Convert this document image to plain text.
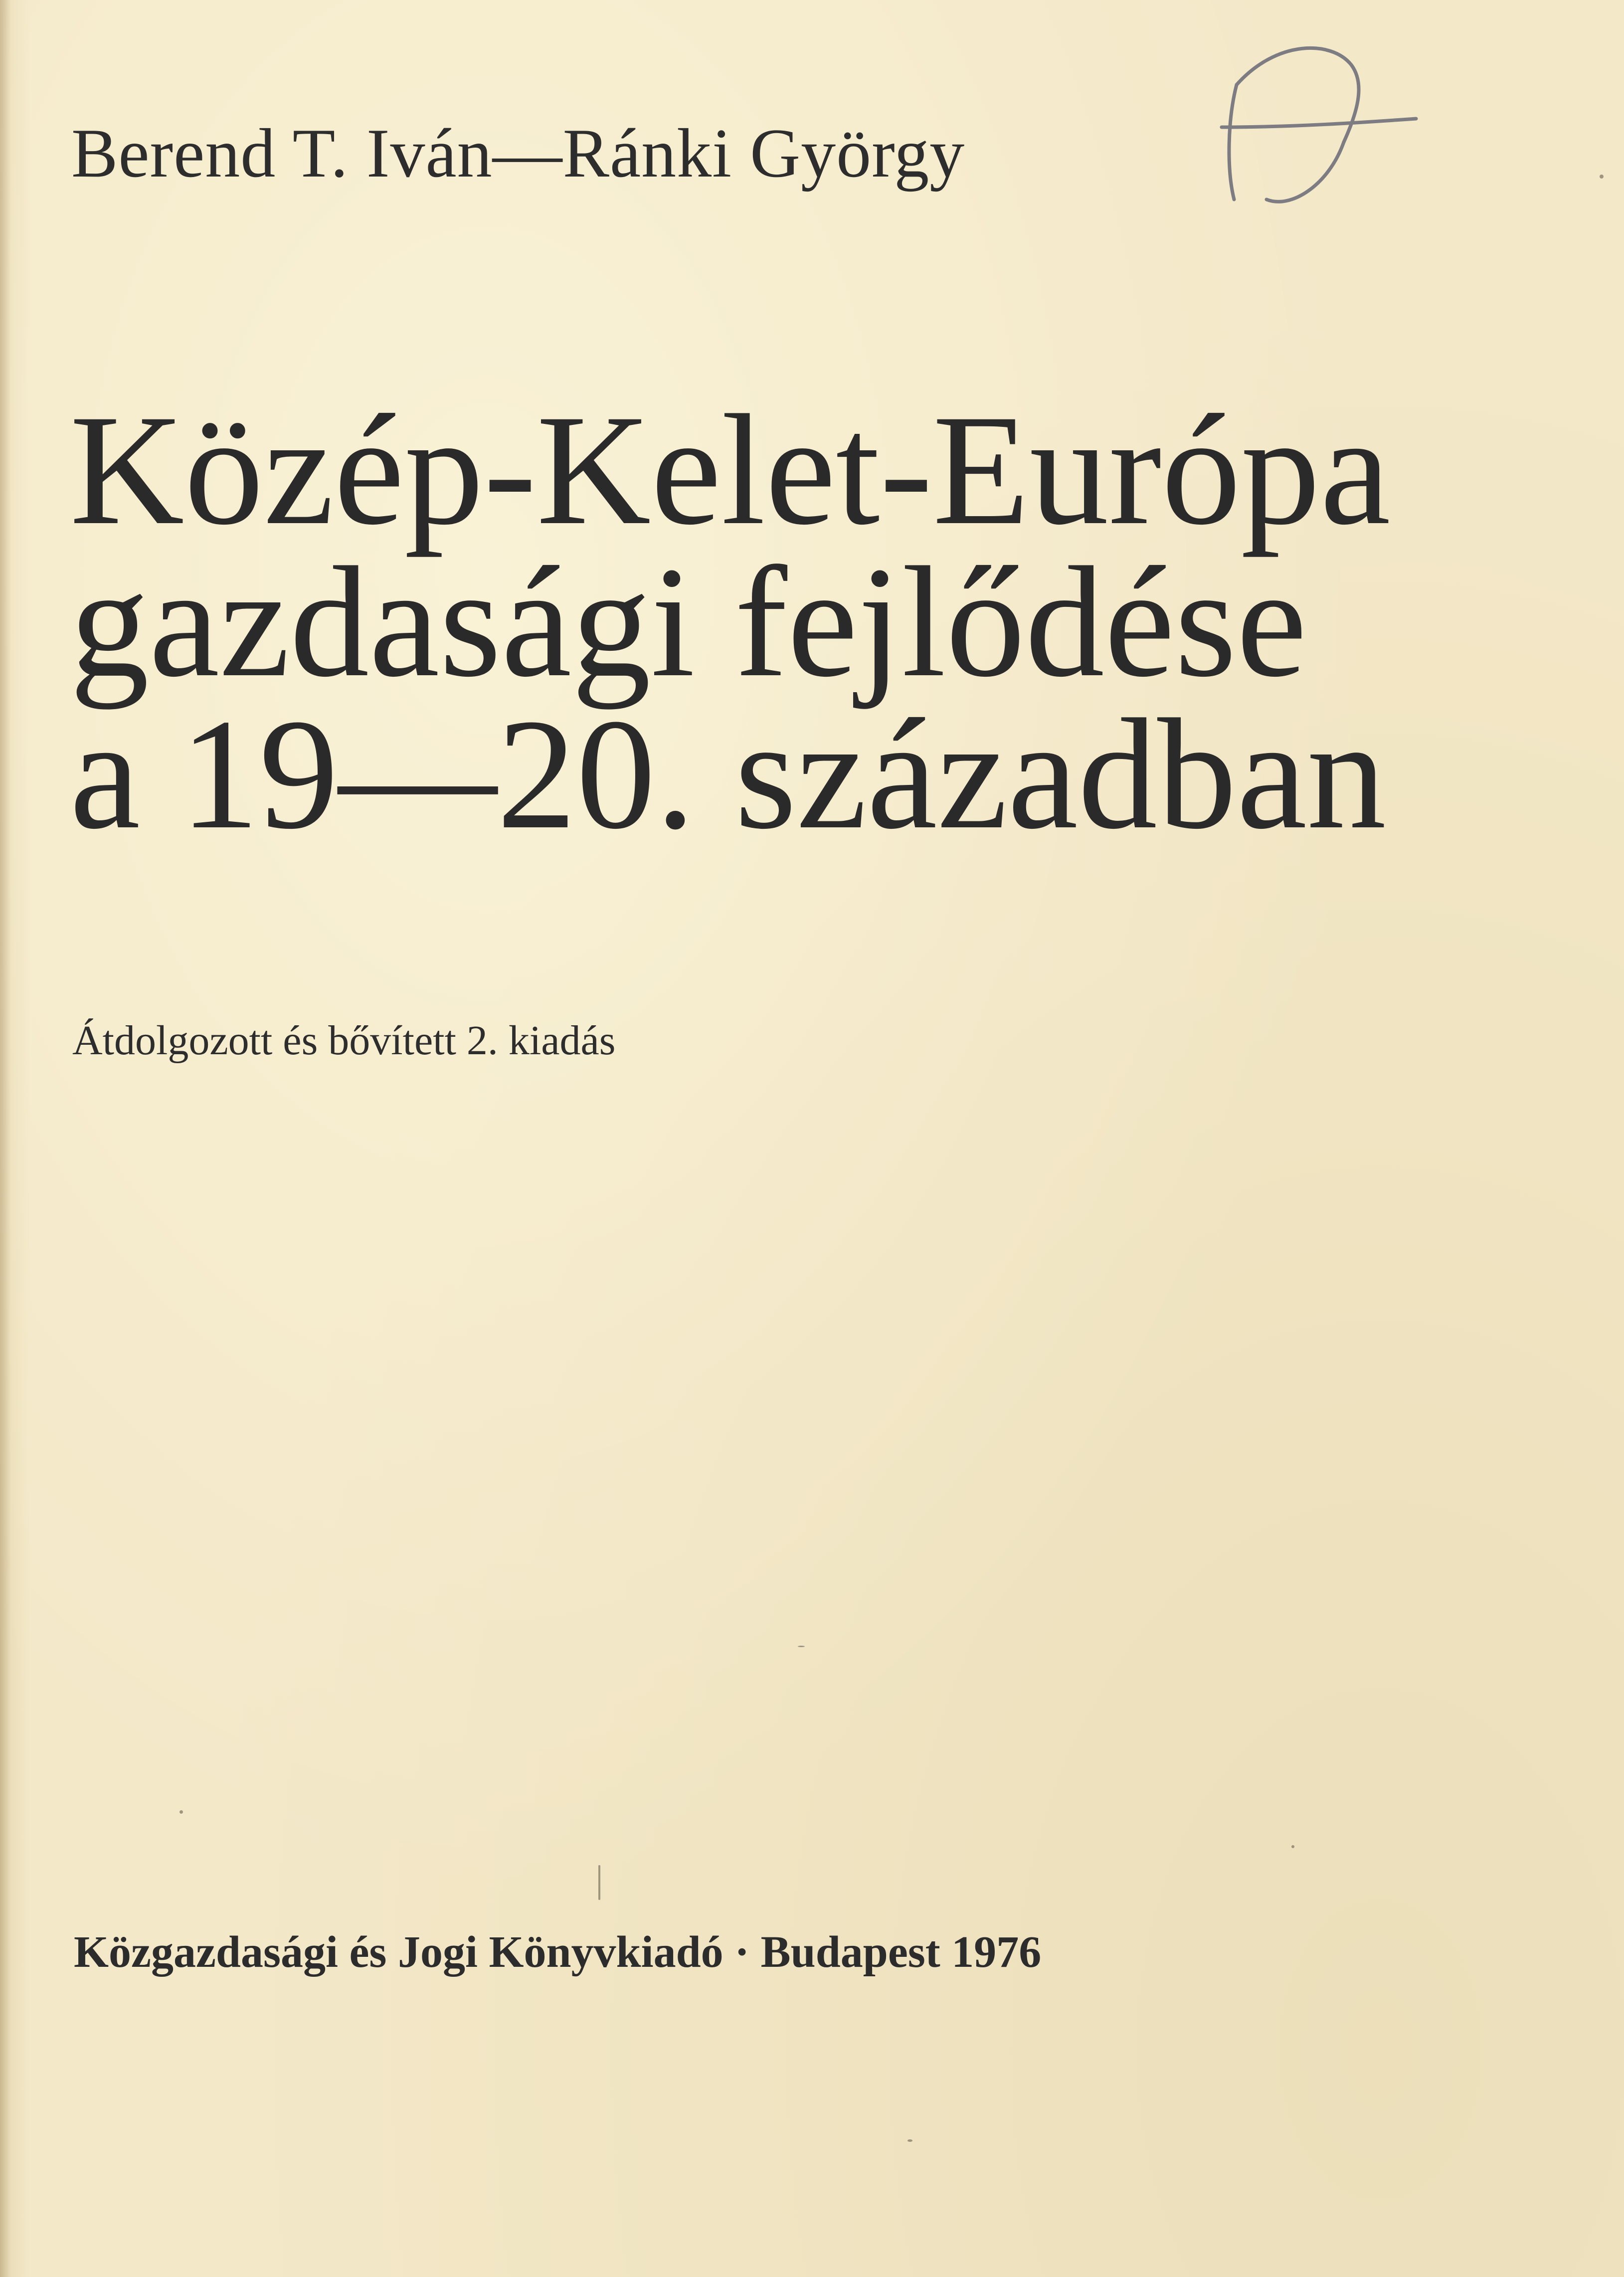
Berend T. Iván—Ránki György
Közép-Kelet-Európa
gazdasági fejlődése
a 19—20. században
Átdolgozott és bővített 2. kiadás
Közgazdasági és Jogi Könyvkiadó · Budapest 1976
